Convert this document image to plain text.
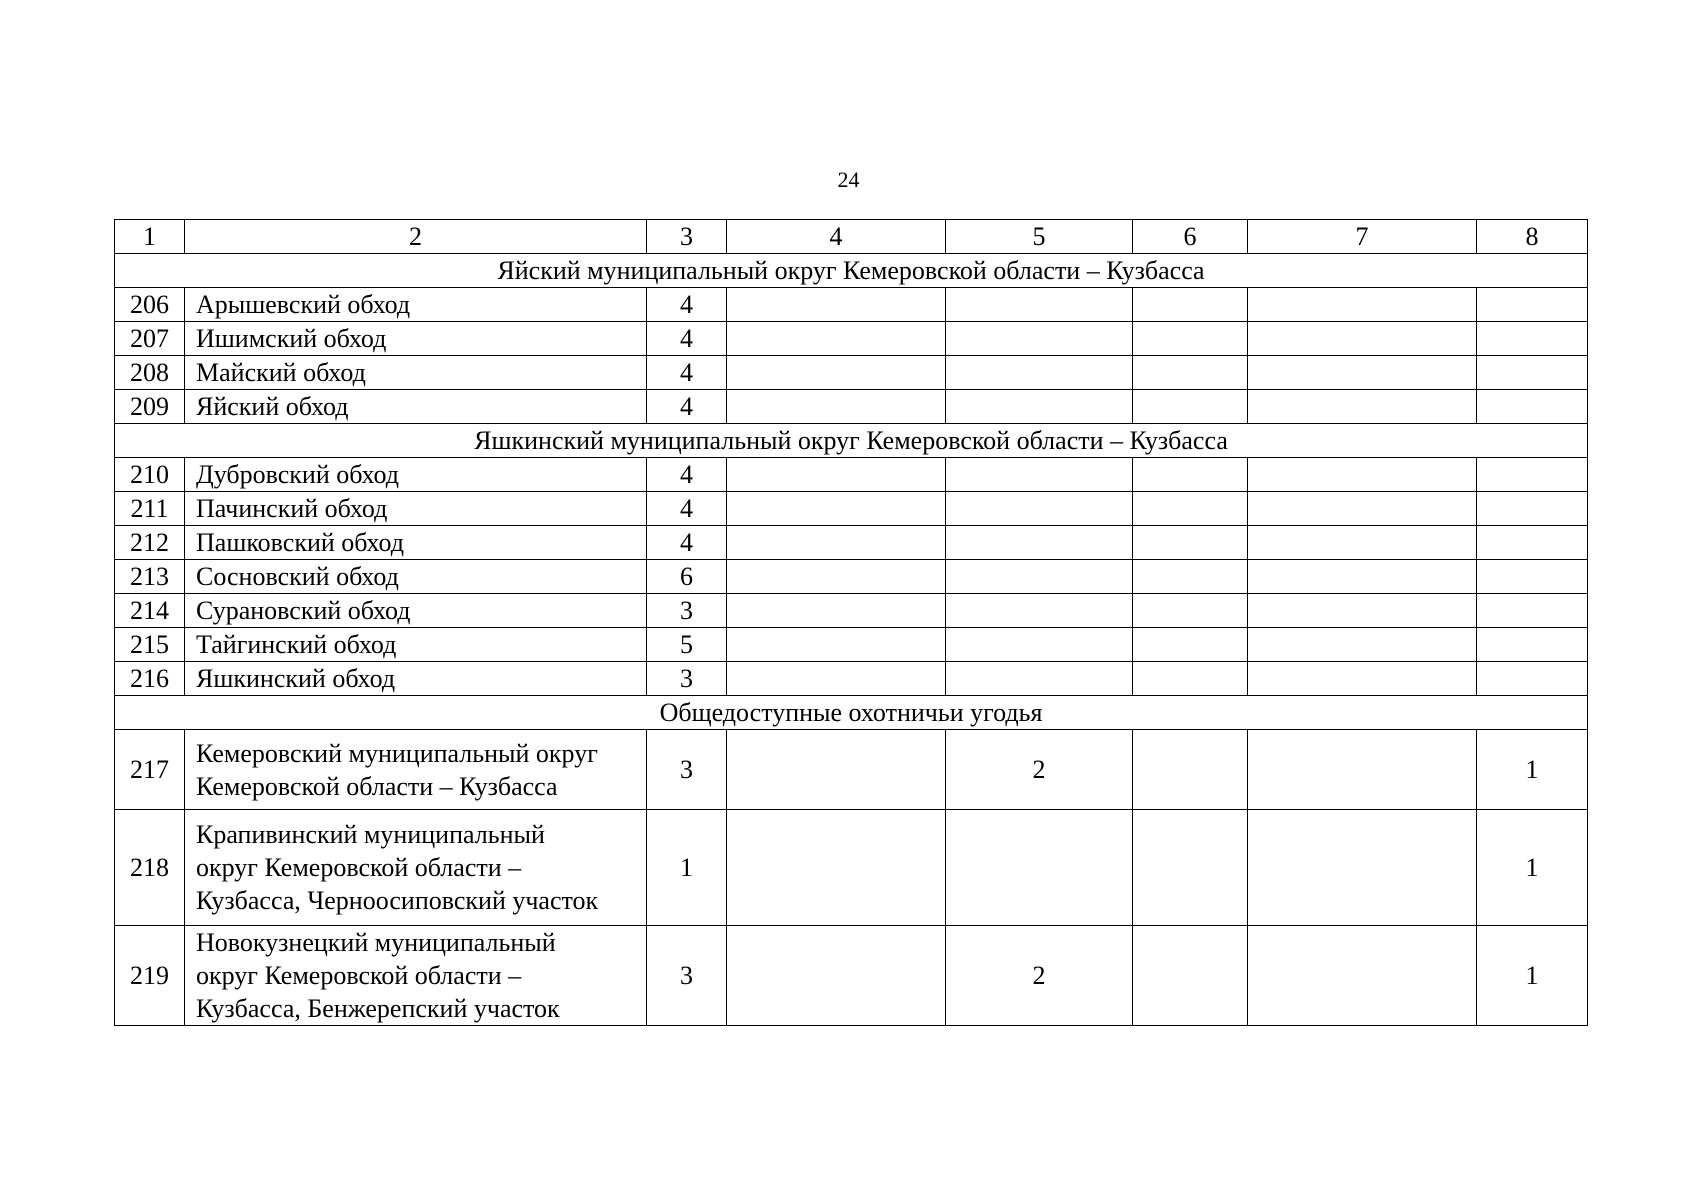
24
1	2	3	4	5	6	7	8
Яйский муниципальный округ Кемеровской области – Кузбасса							
206	Арышевский обход	4					
207	Ишимский обход	4					
208	Майский обход	4					
209	Яйский обход	4					
Яшкинский муниципальный округ Кемеровской области – Кузбасса							
210	Дубровский обход	4					
211	Пачинский обход	4					
212	Пашковский обход	4					
213	Сосновский обход	6					
214	Сурановский обход	3					
215	Тайгинский обход	5					
216	Яшкинский обход	3					
Общедоступные охотничьи угодья							
217	Кемеровский муниципальный округ
Кемеровской области – Кузбасса	3		2			1
218	Крапивинский муниципальный
округ Кемеровской области –
Кузбасса, Черноосиповский участок	1					1
219	Новокузнецкий муниципальный
округ Кемеровской области –
Кузбасса, Бенжерепский участок	3		2			1
